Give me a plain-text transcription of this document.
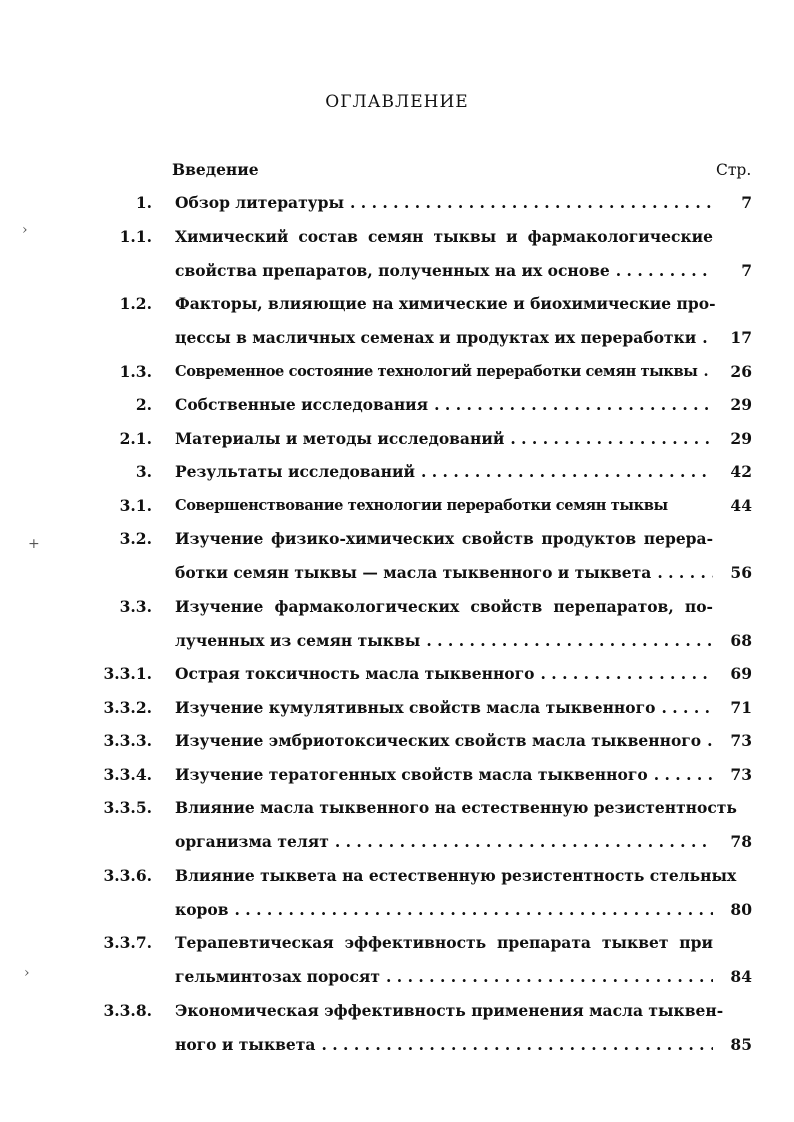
ОГЛАВЛЕНИЕ
Введение	Стр.
1. Обзор литературы . . .	7
1.1. Химический состав семян тыквы и фармакологические
свойства препаратов, полученных на их основе . . .	7
1.2. Факторы, влияющие на химические и биохимические про-
цессы в масличных семенах и продуктах их переработки . . .	17
1.3. Современное состояние технологий переработки семян тыквы . . .	26
2. Собственные исследования . . .	29
2.1. Материалы и методы исследований . . .	29
3. Результаты исследований . . .	42
3.1. Совершенствование технологии переработки семян тыквы	44
3.2. Изучение физико-химических свойств продуктов перера-
ботки семян тыквы — масла тыквенного и тыквета . . .	56
3.3. Изучение фармакологических свойств перепаратов, по-
лученных из семян тыквы . . .	68
3.3.1. Острая токсичность масла тыквенного . . .	69
3.3.2. Изучение кумулятивных свойств масла тыквенного . . .	71
3.3.3. Изучение эмбриотоксических свойств масла тыквенного . . .	73
3.3.4. Изучение тератогенных свойств масла тыквенного . . .	73
3.3.5. Влияние масла тыквенного на естественную резистентность
организма телят . . .	78
3.3.6. Влияние тыквета на естественную резистентность стельных
коров . . .	80
3.3.7. Терапевтическая эффективность препарата тыквет при
гельминтозах поросят . . .	84
3.3.8. Экономическая эффективность применения масла тыквен-
ного и тыквета . . .	85
›
+
›
